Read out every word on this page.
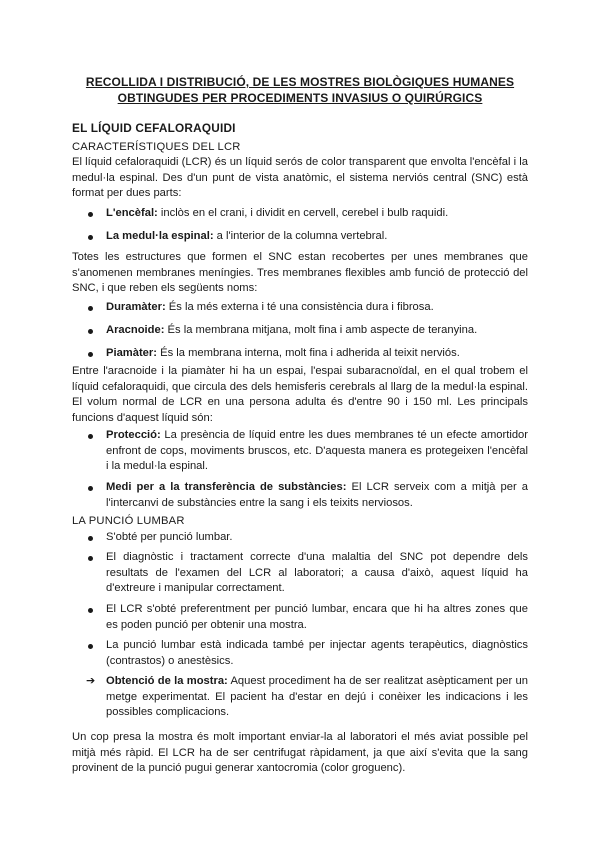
RECOLLIDA I DISTRIBUCIÓ, DE LES MOSTRES BIOLÒGIQUES HUMANES OBTINGUDES PER PROCEDIMENTS INVASIUS O QUIRÚRGICS
EL LÍQUID CEFALORAQUIDI
CARACTERÍSTIQUES DEL LCR

El líquid cefaloraquidi (LCR) és un líquid serós de color transparent que envolta l'encèfal i la medul·la espinal. Des d'un punt de vista anatòmic, el sistema nerviós central (SNC) està format per dues parts:

L'encèfal: inclòs en el crani, i dividit en cervell, cerebel i bulb raquidi.
La medul·la espinal: a l'interior de la columna vertebral.

Totes les estructures que formen el SNC estan recobertes per unes membranes que s'anomenen membranes meníngies. Tres membranes flexibles amb funció de protecció del SNC, i que reben els següents noms:

Duramàter: És la més externa i té una consistència dura i fibrosa.
Aracnoide: És la membrana mitjana, molt fina i amb aspecte de teranyina.
Piamàter: És la membrana interna, molt fina i adherida al teixit nerviós.

Entre l'aracnoide i la piamàter hi ha un espai, l'espai subaracnoïdal, en el qual trobem el líquid cefaloraquidi, que circula des dels hemisferis cerebrals al llarg de la medul·la espinal. El volum normal de LCR en una persona adulta és d'entre 90 i 150 ml. Les principals funcions d'aquest líquid són:

Protecció: La presència de líquid entre les dues membranes té un efecte amortidor enfront de cops, moviments bruscos, etc. D'aquesta manera es protegeixen l'encèfal i la medul·la espinal.
Medi per a la transferència de substàncies: El LCR serveix com a mitjà per a l'intercanvi de substàncies entre la sang i els teixits nerviosos.
LA PUNCIÓ LUMBAR
S'obté per punció lumbar.
El diagnòstic i tractament correcte d'una malaltia del SNC pot dependre dels resultats de l'examen del LCR al laboratori; a causa d'això, aquest líquid ha d'extreure i manipular correctament.
El LCR s'obté preferentment per punció lumbar, encara que hi ha altres zones que es poden punció per obtenir una mostra.
La punció lumbar està indicada també per injectar agents terapèutics, diagnòstics (contrastos) o anestèsics.
➔ Obtenció de la mostra: Aquest procediment ha de ser realitzat asèpticament per un metge experimentat. El pacient ha d'estar en dejú i conèixer les indicacions i les possibles complicacions.

Un cop presa la mostra és molt important enviar-la al laboratori el més aviat possible pel mitjà més ràpid. El LCR ha de ser centrifugat ràpidament, ja que així s'evita que la sang provinent de la punció pugui generar xantocromia (color groguenc).
